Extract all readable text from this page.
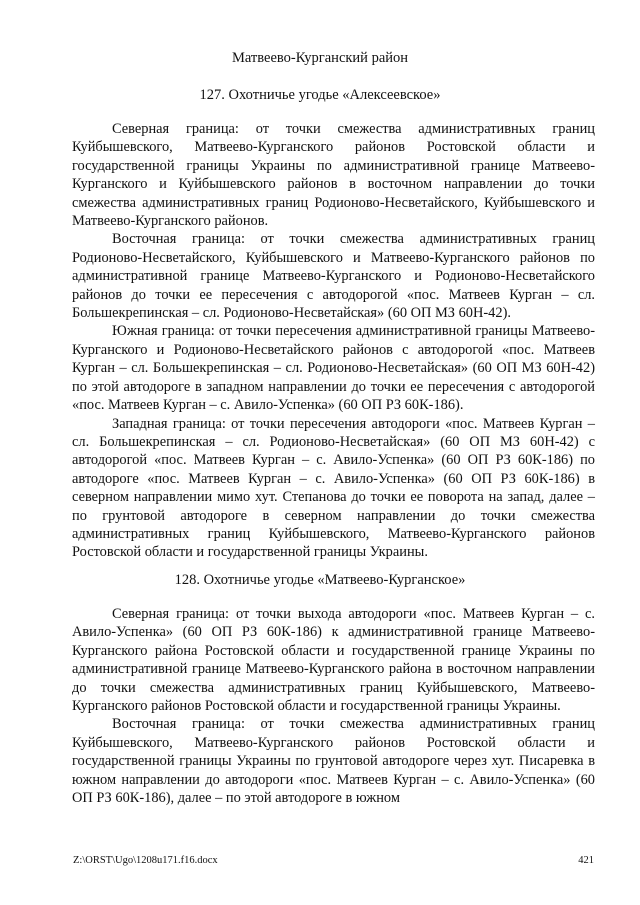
Матвеево-Курганский район
127. Охотничье угодье «Алексеевское»

Северная граница: от точки смежества административных границ Куйбышевского, Матвеево-Курганского районов Ростовской области и государственной границы Украины по административной границе Матвеево-Курганского и Куйбышевского районов в восточном направлении до точки смежества административных границ Родионово-Несветайского, Куйбышевского и Матвеево-Курганского районов.

Восточная граница: от точки смежества административных границ Родионово-Несветайского, Куйбышевского и Матвеево-Курганского районов по административной границе Матвеево-Курганского и Родионово-Несветайского районов до точки ее пересечения с автодорогой «пос. Матвеев Курган – сл. Большекрепинская – сл. Родионово-Несветайская» (60 ОП МЗ 60Н-42).

Южная граница: от точки пересечения административной границы Матвеево-Курганского и Родионово-Несветайского районов с автодорогой «пос. Матвеев Курган – сл. Большекрепинская – сл. Родионово-Несветайская» (60 ОП МЗ 60Н-42) по этой автодороге в западном направлении до точки ее пересечения с автодорогой «пос. Матвеев Курган – с. Авило-Успенка» (60 ОП РЗ 60К-186).

Западная граница: от точки пересечения автодороги «пос. Матвеев Курган – сл. Большекрепинская – сл. Родионово-Несветайская» (60 ОП МЗ 60Н-42) с автодорогой «пос. Матвеев Курган – с. Авило-Успенка» (60 ОП РЗ 60К-186) по автодороге «пос. Матвеев Курган – с. Авило-Успенка» (60 ОП РЗ 60К-186) в северном направлении мимо хут. Степанова до точки ее поворота на запад, далее – по грунтовой автодороге в северном направлении до точки смежества административных границ Куйбышевского, Матвеево-Курганского районов Ростовской области и государственной границы Украины.

128. Охотничье угодье «Матвеево-Курганское»

Северная граница: от точки выхода автодороги «пос. Матвеев Курган – с. Авило-Успенка» (60 ОП РЗ 60К-186) к административной границе Матвеево-Курганского района Ростовской области и государственной границе Украины по административной границе Матвеево-Курганского района в восточном направлении до точки смежества административных границ Куйбышевского, Матвеево-Курганского районов Ростовской области и государственной границы Украины.

Восточная граница: от точки смежества административных границ Куйбышевского, Матвеево-Курганского районов Ростовской области и государственной границы Украины по грунтовой автодороге через хут. Писаревка в южном направлении до автодороги «пос. Матвеев Курган – с. Авило-Успенка» (60 ОП РЗ 60К-186), далее – по этой автодороге в южном

Z:\ORST\Ugo\1208u171.f16.docx	421
